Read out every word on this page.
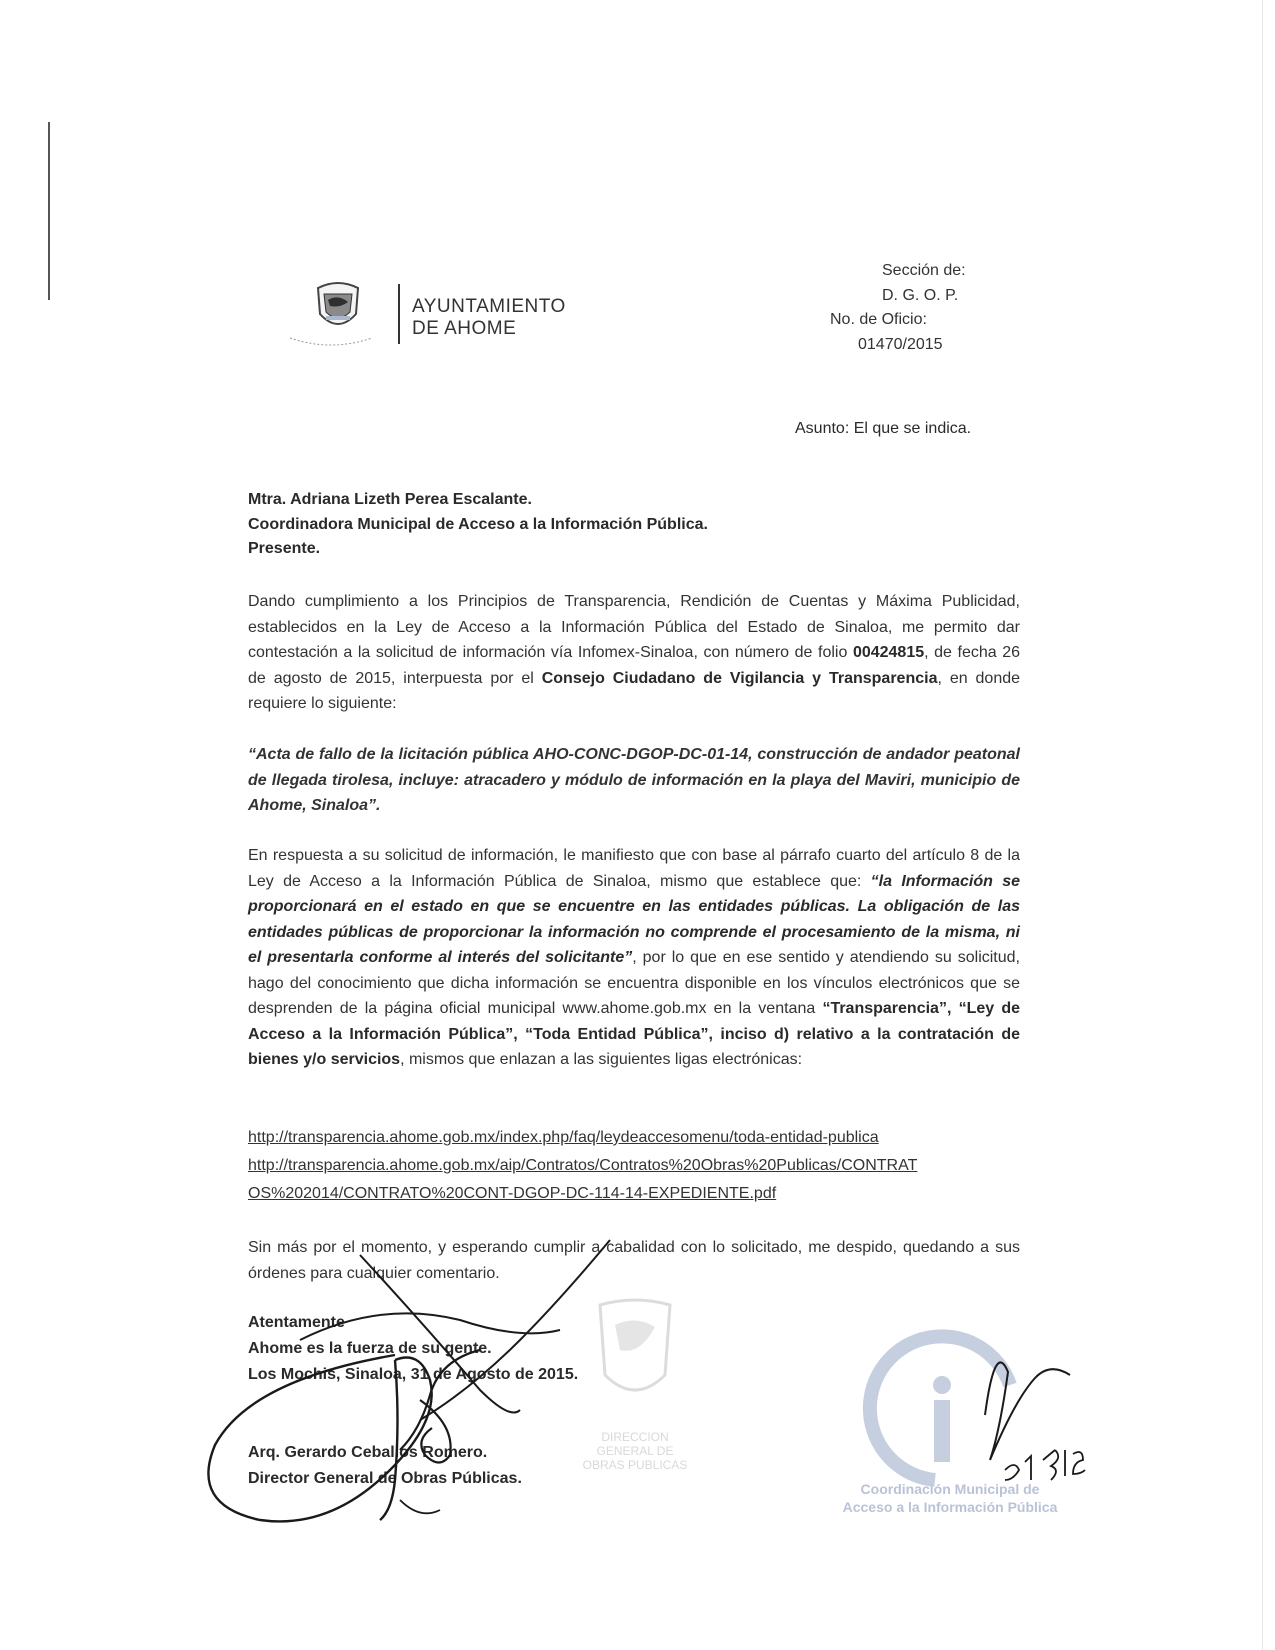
AYUNTAMIENTO
DE AHOME
Sección de:
D. G. O. P.
No. de Oficio:
01470/2015
Asunto: El que se indica.
Mtra. Adriana Lizeth Perea Escalante.
Coordinadora Municipal de Acceso a la Información Pública.
Presente.
Dando cumplimiento a los Principios de Transparencia, Rendición de Cuentas y Máxima Publicidad, establecidos en la Ley de Acceso a la Información Pública del Estado de Sinaloa, me permito dar contestación a la solicitud de información vía Infomex-Sinaloa, con número de folio 00424815, de fecha 26 de agosto de 2015, interpuesta por el Consejo Ciudadano de Vigilancia y Transparencia, en donde requiere lo siguiente:
“Acta de fallo de la licitación pública AHO-CONC-DGOP-DC-01-14, construcción de andador peatonal de llegada tirolesa, incluye: atracadero y módulo de información en la playa del Maviri, municipio de Ahome, Sinaloa”.
En respuesta a su solicitud de información, le manifiesto que con base al párrafo cuarto del artículo 8 de la Ley de Acceso a la Información Pública de Sinaloa, mismo que establece que: “la Información se proporcionará en el estado en que se encuentre en las entidades públicas. La obligación de las entidades públicas de proporcionar la información no comprende el procesamiento de la misma, ni el presentarla conforme al interés del solicitante”, por lo que en ese sentido y atendiendo su solicitud, hago del conocimiento que dicha información se encuentra disponible en los vínculos electrónicos que se desprenden de la página oficial municipal www.ahome.gob.mx en la ventana “Transparencia”, “Ley de Acceso a la Información Pública”, “Toda Entidad Pública”, inciso d) relativo a la contratación de bienes y/o servicios, mismos que enlazan a las siguientes ligas electrónicas:
http://transparencia.ahome.gob.mx/index.php/faq/leydeaccesomenu/toda-entidad-publica
http://transparencia.ahome.gob.mx/aip/Contratos/Contratos%20Obras%20Publicas/CONTRAT
OS%202014/CONTRATO%20CONT-DGOP-DC-114-14-EXPEDIENTE.pdf
Sin más por el momento, y esperando cumplir a cabalidad con lo solicitado, me despido, quedando a sus órdenes para cualquier comentario.
Atentamente
Ahome es la fuerza de su gente.
Los Mochis, Sinaloa, 31 de Agosto de 2015.
Arq. Gerardo Ceballos Romero.
Director General de Obras Públicas.
DIRECCION
GENERAL DE
OBRAS PUBLICAS
Coordinación Municipal de
Acceso a la Información Pública
